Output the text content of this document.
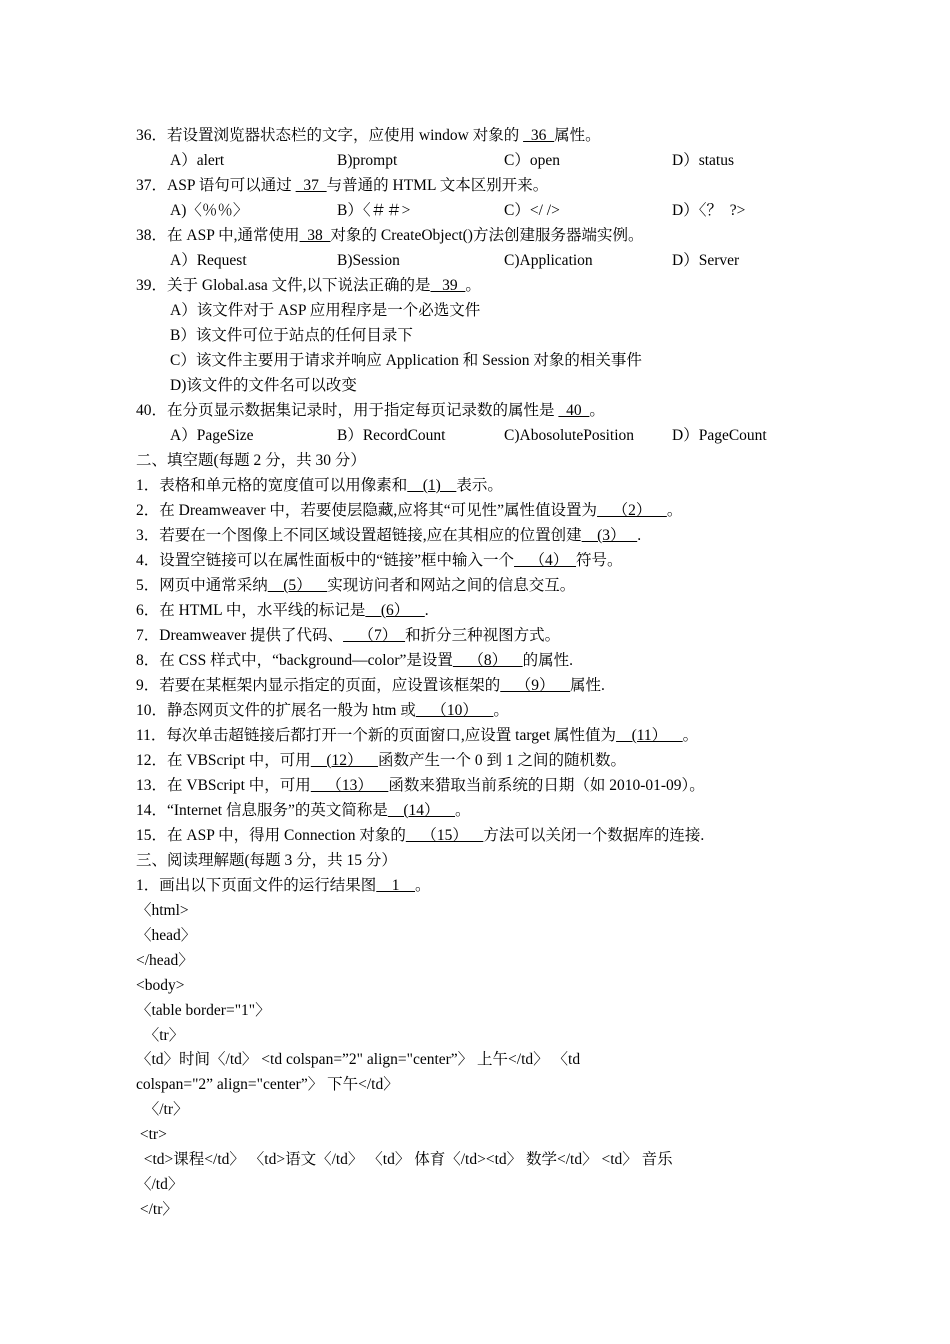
36．若设置浏览器状态栏的文字，应使用 window 对象的   36  属性。
A）alert	B)prompt	C）open	D）status
37．ASP 语句可以通过   37  与普通的 HTML 文本区别开来。
A)〈％％〉	B）〈＃＃>	C）</ />	D）〈？  ?>
38．在 ASP 中,通常使用  38  对象的 CreateObject()方法创建服务器端实例。
A）Request	B)Session	C)Application	D）Server
39．关于 Global.asa 文件,以下说法正确的是   39  。
A）该文件对于 ASP 应用程序是一个必选文件
B）该文件可位于站点的任何目录下
C）该文件主要用于请求并响应 Application 和 Session 对象的相关事件
D)该文件的文件名可以改变
40．在分页显示数据集记录时，用于指定每页记录数的属性是   40  。
A）PageSize	B）RecordCount	C)AbosolutePosition D）PageCount
二、填空题(每题 2 分，共 30 分）
1．表格和单元格的宽度值可以用像素和    (1)    表示。
2．在 Dreamweaver 中，若要使层隐藏,应将其“可见性”属性值设置为    （2）    。
3．若要在一个图像上不同区域设置超链接,应在其相应的位置创建    (3）   .
4．设置空链接可以在属性面板中的“链接”框中输入一个    （4）  符号。
5．网页中通常采纳    (5）    实现访问者和网站之间的信息交互。
6．在 HTML 中，水平线的标记是    (6）    .
7．Dreamweaver 提供了代码、    （7）  和折分三种视图方式。
8．在 CSS 样式中，“background—color”是设置    （8）    的属性.
9．若要在某框架内显示指定的页面，应设置该框架的    （9）    属性.
10．静态网页文件的扩展名一般为 htm 或    （10）    。
11．每次单击超链接后都打开一个新的页面窗口,应设置 target 属性值为    (11）    。
12．在 VBScript 中，可用    (12）    函数产生一个 0 到 1 之间的随机数。
13．在 VBScript 中，可用    （13）    函数来猎取当前系统的日期（如 2010-01-09）。
14．“Internet 信息服务”的英文简称是    (14）    。
15．在 ASP 中，得用 Connection 对象的    （15）    方法可以关闭一个数据库的连接.
三、阅读理解题(每题 3 分，共 15 分）
1．画出以下页面文件的运行结果图    1    。
〈html>
〈head〉
</head〉
<body>
〈table border="1"〉
〈tr〉
〈td〉时间〈/td〉 <td colspan=”2" align="center”〉 上午</td〉 〈td
colspan="2” align="center”〉 下午</td〉
〈/tr〉
<tr>
<td>课程</td〉 〈td>语文〈/td〉 〈td〉 体育〈/td><td〉 数学</td〉 <td〉 音乐
〈/td〉
</tr〉
